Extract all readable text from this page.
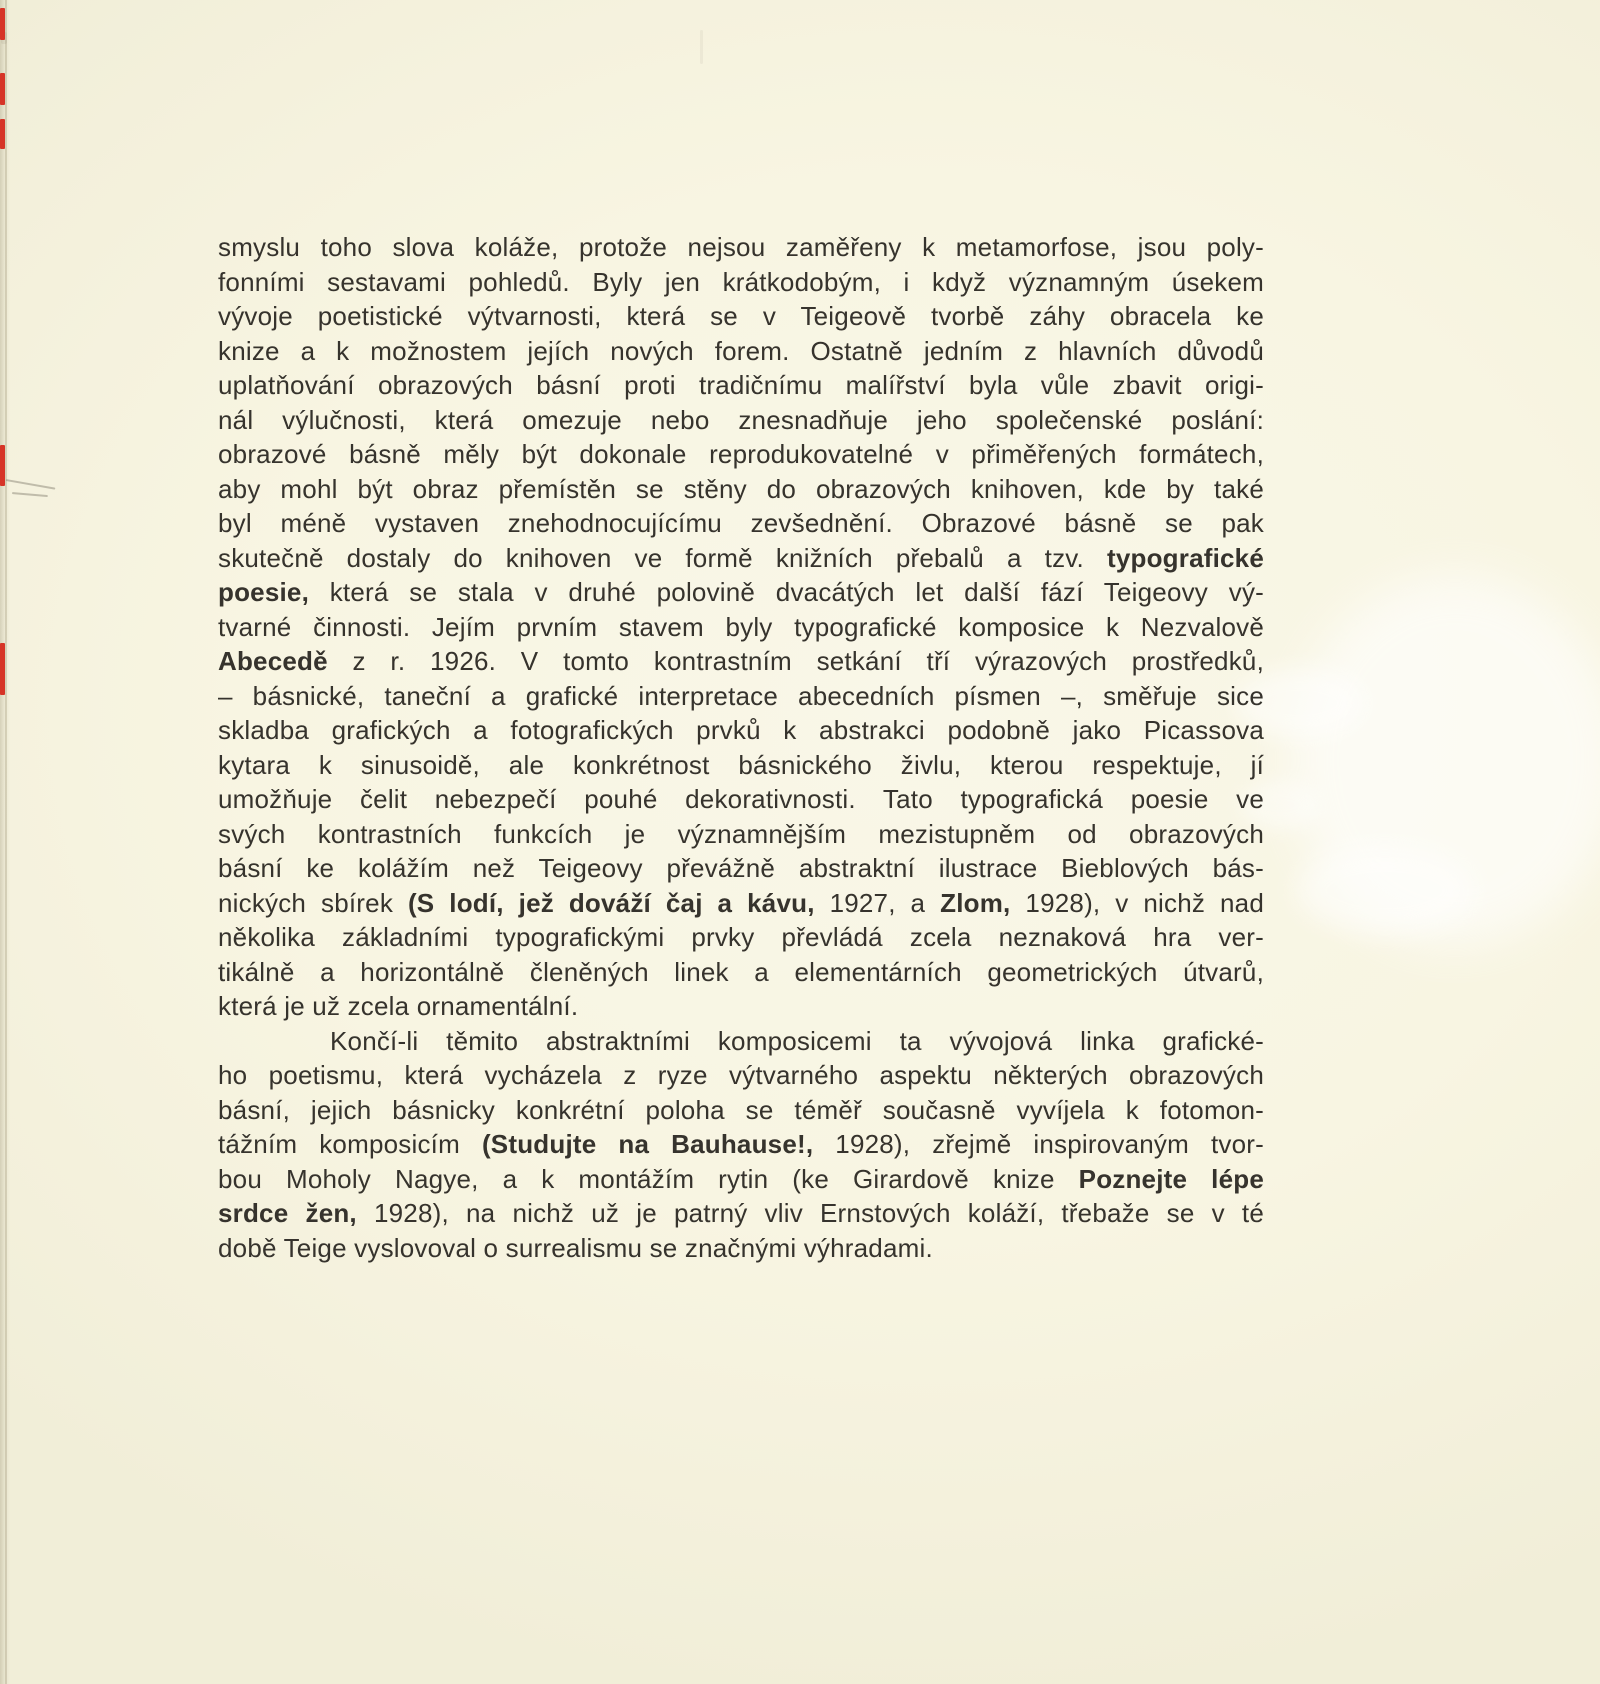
smyslu toho slova koláže, protože nejsou zaměřeny k metamorfose, jsou poly-
fonními sestavami pohledů. Byly jen krátkodobým, i když významným úsekem
vývoje poetistické výtvarnosti, která se v Teigeově tvorbě záhy obracela ke
knize a k možnostem jejích nových forem. Ostatně jedním z hlavních důvodů
uplatňování obrazových básní proti tradičnímu malířství byla vůle zbavit origi-
nál výlučnosti, která omezuje nebo znesnadňuje jeho společenské poslání:
obrazové básně měly být dokonale reprodukovatelné v přiměřených formátech,
aby mohl být obraz přemístěn se stěny do obrazových knihoven, kde by také
byl méně vystaven znehodnocujícímu zevšednění. Obrazové básně se pak
skutečně dostaly do knihoven ve formě knižních přebalů a tzv. typografické
poesie, která se stala v druhé polovině dvacátých let další fází Teigeovy vý-
tvarné činnosti. Jejím prvním stavem byly typografické komposice k Nezvalově
Abecedě z r. 1926. V tomto kontrastním setkání tří výrazových prostředků,
– básnické, taneční a grafické interpretace abecedních písmen –, směřuje sice
skladba grafických a fotografických prvků k abstrakci podobně jako Picassova
kytara k sinusoidě, ale konkrétnost básnického živlu, kterou respektuje, jí
umožňuje čelit nebezpečí pouhé dekorativnosti. Tato typografická poesie ve
svých kontrastních funkcích je významnějším mezistupněm od obrazových
básní ke kolážím než Teigeovy převážně abstraktní ilustrace Bieblových bás-
nických sbírek (S lodí, jež dováží čaj a kávu, 1927, a Zlom, 1928), v nichž nad
několika základními typografickými prvky převládá zcela neznaková hra ver-
tikálně a horizontálně členěných linek a elementárních geometrických útvarů,
která je už zcela ornamentální.
Končí-li těmito abstraktními komposicemi ta vývojová linka grafické-
ho poetismu, která vycházela z ryze výtvarného aspektu některých obrazových
básní, jejich básnicky konkrétní poloha se téměř současně vyvíjela k fotomon-
tážním komposicím (Studujte na Bauhause!, 1928), zřejmě inspirovaným tvor-
bou Moholy Nagye, a k montážím rytin (ke Girardově knize Poznejte lépe
srdce žen, 1928), na nichž už je patrný vliv Ernstových koláží, třebaže se v té
době Teige vyslovoval o surrealismu se značnými výhradami.
